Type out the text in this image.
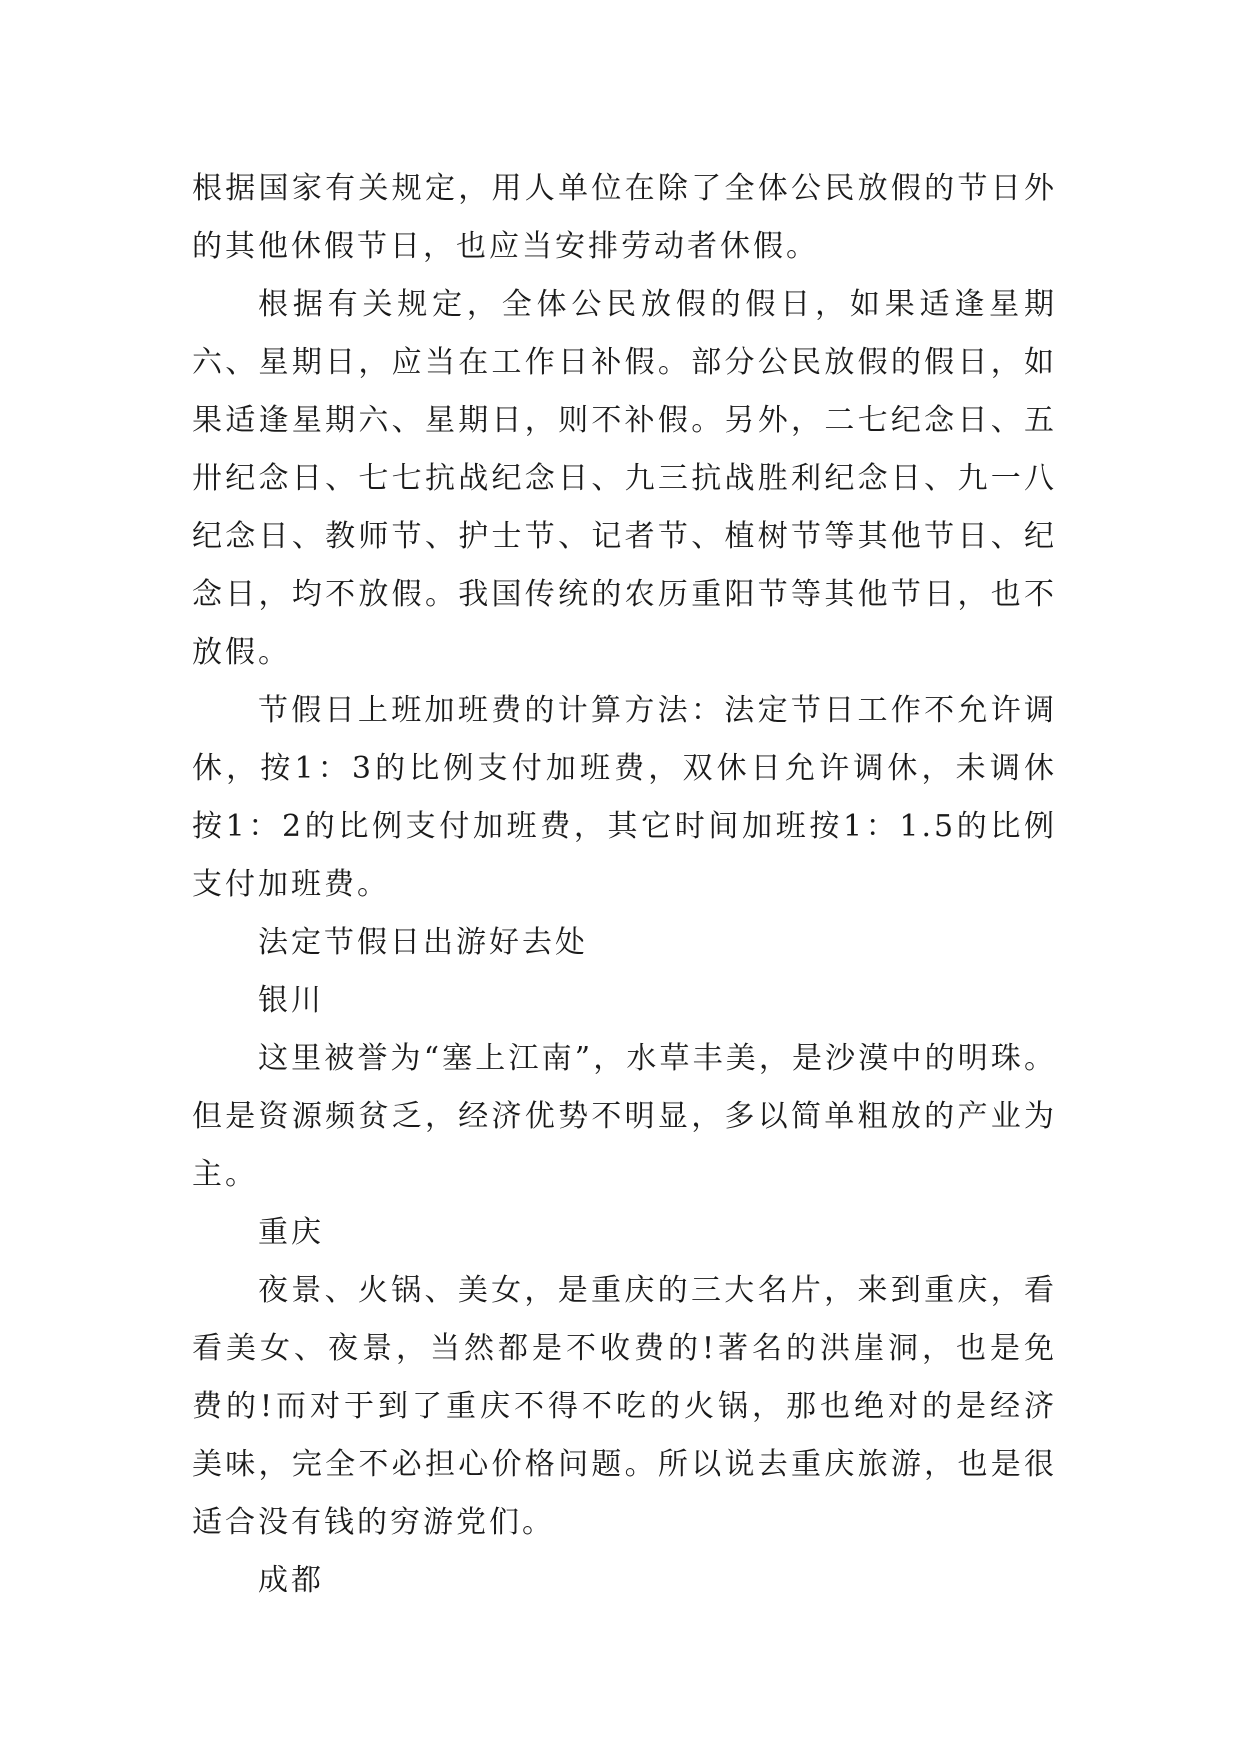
根据国家有关规定，用人单位在除了全体公民放假的节日外的其他休假节日，也应当安排劳动者休假。

根据有关规定，全体公民放假的假日，如果适逢星期六、星期日，应当在工作日补假。部分公民放假的假日，如果适逢星期六、星期日，则不补假。另外，二七纪念日、五卅纪念日、七七抗战纪念日、九三抗战胜利纪念日、九一八纪念日、教师节、护士节、记者节、植树节等其他节日、纪念日，均不放假。我国传统的农历重阳节等其他节日，也不放假。

节假日上班加班费的计算方法：法定节日工作不允许调休，按1：3的比例支付加班费，双休日允许调休，未调休按1：2的比例支付加班费，其它时间加班按1：1.5的比例支付加班费。

法定节假日出游好去处

银川

这里被誉为“塞上江南”，水草丰美，是沙漠中的明珠。但是资源频贫乏，经济优势不明显，多以简单粗放的产业为主。

重庆

夜景、火锅、美女，是重庆的三大名片，来到重庆，看看美女、夜景，当然都是不收费的!著名的洪崖洞，也是免费的!而对于到了重庆不得不吃的火锅，那也绝对的是经济美味，完全不必担心价格问题。所以说去重庆旅游，也是很适合没有钱的穷游党们。

成都
